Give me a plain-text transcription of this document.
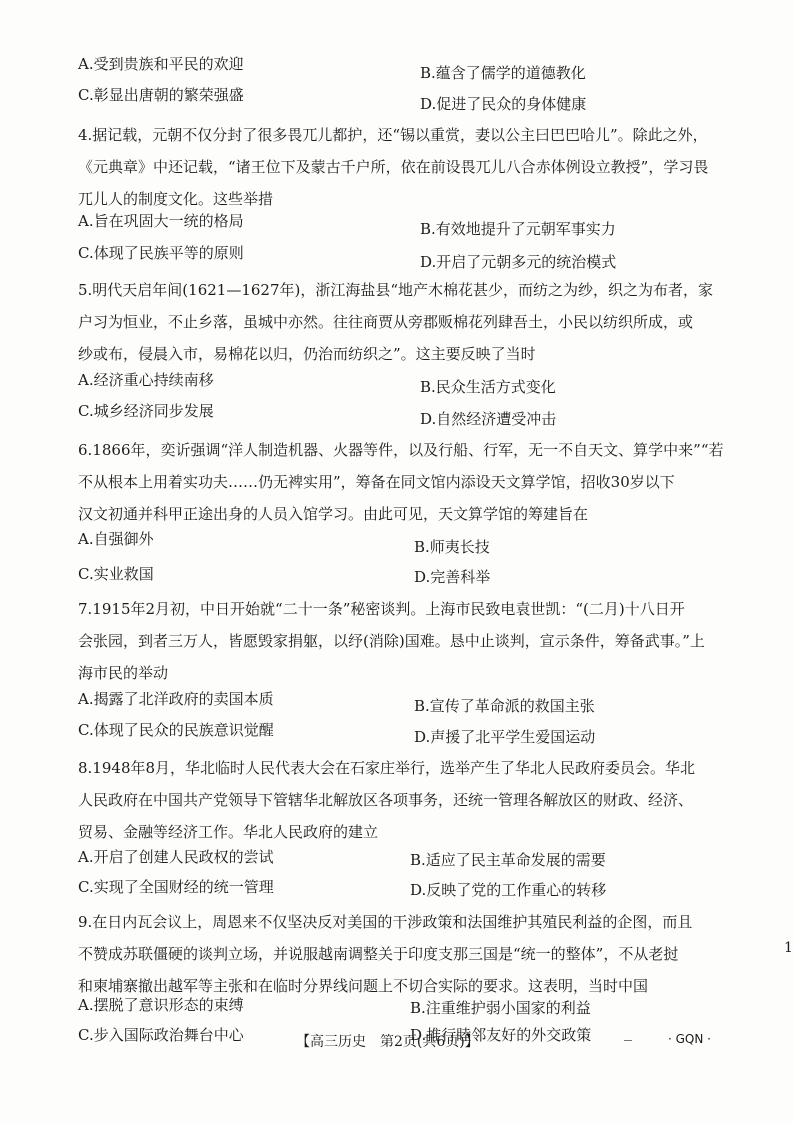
A.受到贵族和平民的欢迎	B.蕴含了儒学的道德教化
C.彰显出唐朝的繁荣强盛	D.促进了民众的身体健康
4.据记载，元朝不仅分封了很多畏兀儿都护，还“锡以重赏，妻以公主曰巴巴哈儿”。除此之外，
《元典章》中还记载，“诸王位下及蒙古千户所，依在前设畏兀儿八合赤体例设立教授”，学习畏
兀儿人的制度文化。这些举措
A.旨在巩固大一统的格局	B.有效地提升了元朝军事实力
C.体现了民族平等的原则	D.开启了元朝多元的统治模式
5.明代天启年间(1621—1627年)，浙江海盐县“地产木棉花甚少，而纺之为纱，织之为布者，家
户习为恒业，不止乡落，虽城中亦然。往往商贾从旁郡贩棉花列肆吾土，小民以纺织所成，或
纱或布，侵晨入市，易棉花以归，仍治而纺织之”。这主要反映了当时
A.经济重心持续南移	B.民众生活方式变化
C.城乡经济同步发展	D.自然经济遭受冲击
6.1866年，奕䜣强调“洋人制造机器、火器等件，以及行船、行军，无一不自天文、算学中来”“若
不从根本上用着实功夫……仍无裨实用”，筹备在同文馆内添设天文算学馆，招收30岁以下
汉文初通并科甲正途出身的人员入馆学习。由此可见，天文算学馆的筹建旨在
A.自强御外	B.师夷长技
C.实业救国	D.完善科举
7.1915年2月初，中日开始就“二十一条”秘密谈判。上海市民致电袁世凯：“(二月)十八日开
会张园，到者三万人，皆愿毁家捐躯，以纾(消除)国难。恳中止谈判，宣示条件，筹备武事。”上
海市民的举动
A.揭露了北洋政府的卖国本质	B.宣传了革命派的救国主张
C.体现了民众的民族意识觉醒	D.声援了北平学生爱国运动
8.1948年8月，华北临时人民代表大会在石家庄举行，选举产生了华北人民政府委员会。华北
人民政府在中国共产党领导下管辖华北解放区各项事务，还统一管理各解放区的财政、经济、
贸易、金融等经济工作。华北人民政府的建立
A.开启了创建人民政权的尝试	B.适应了民主革命发展的需要
C.实现了全国财经的统一管理	D.反映了党的工作重心的转移
9.在日内瓦会议上，周恩来不仅坚决反对美国的干涉政策和法国维护其殖民利益的企图，而且
不赞成苏联僵硬的谈判立场，并说服越南调整关于印度支那三国是“统一的整体”，不从老挝
和柬埔寨撤出越军等主张和在临时分界线问题上不切合实际的要求。这表明，当时中国
A.摆脱了意识形态的束缚	B.注重维护弱小国家的利益
C.步入国际政治舞台中心	D.推行睦邻友好的外交政策
【高三历史　第2页(共6页)】	· GQN ·
1
